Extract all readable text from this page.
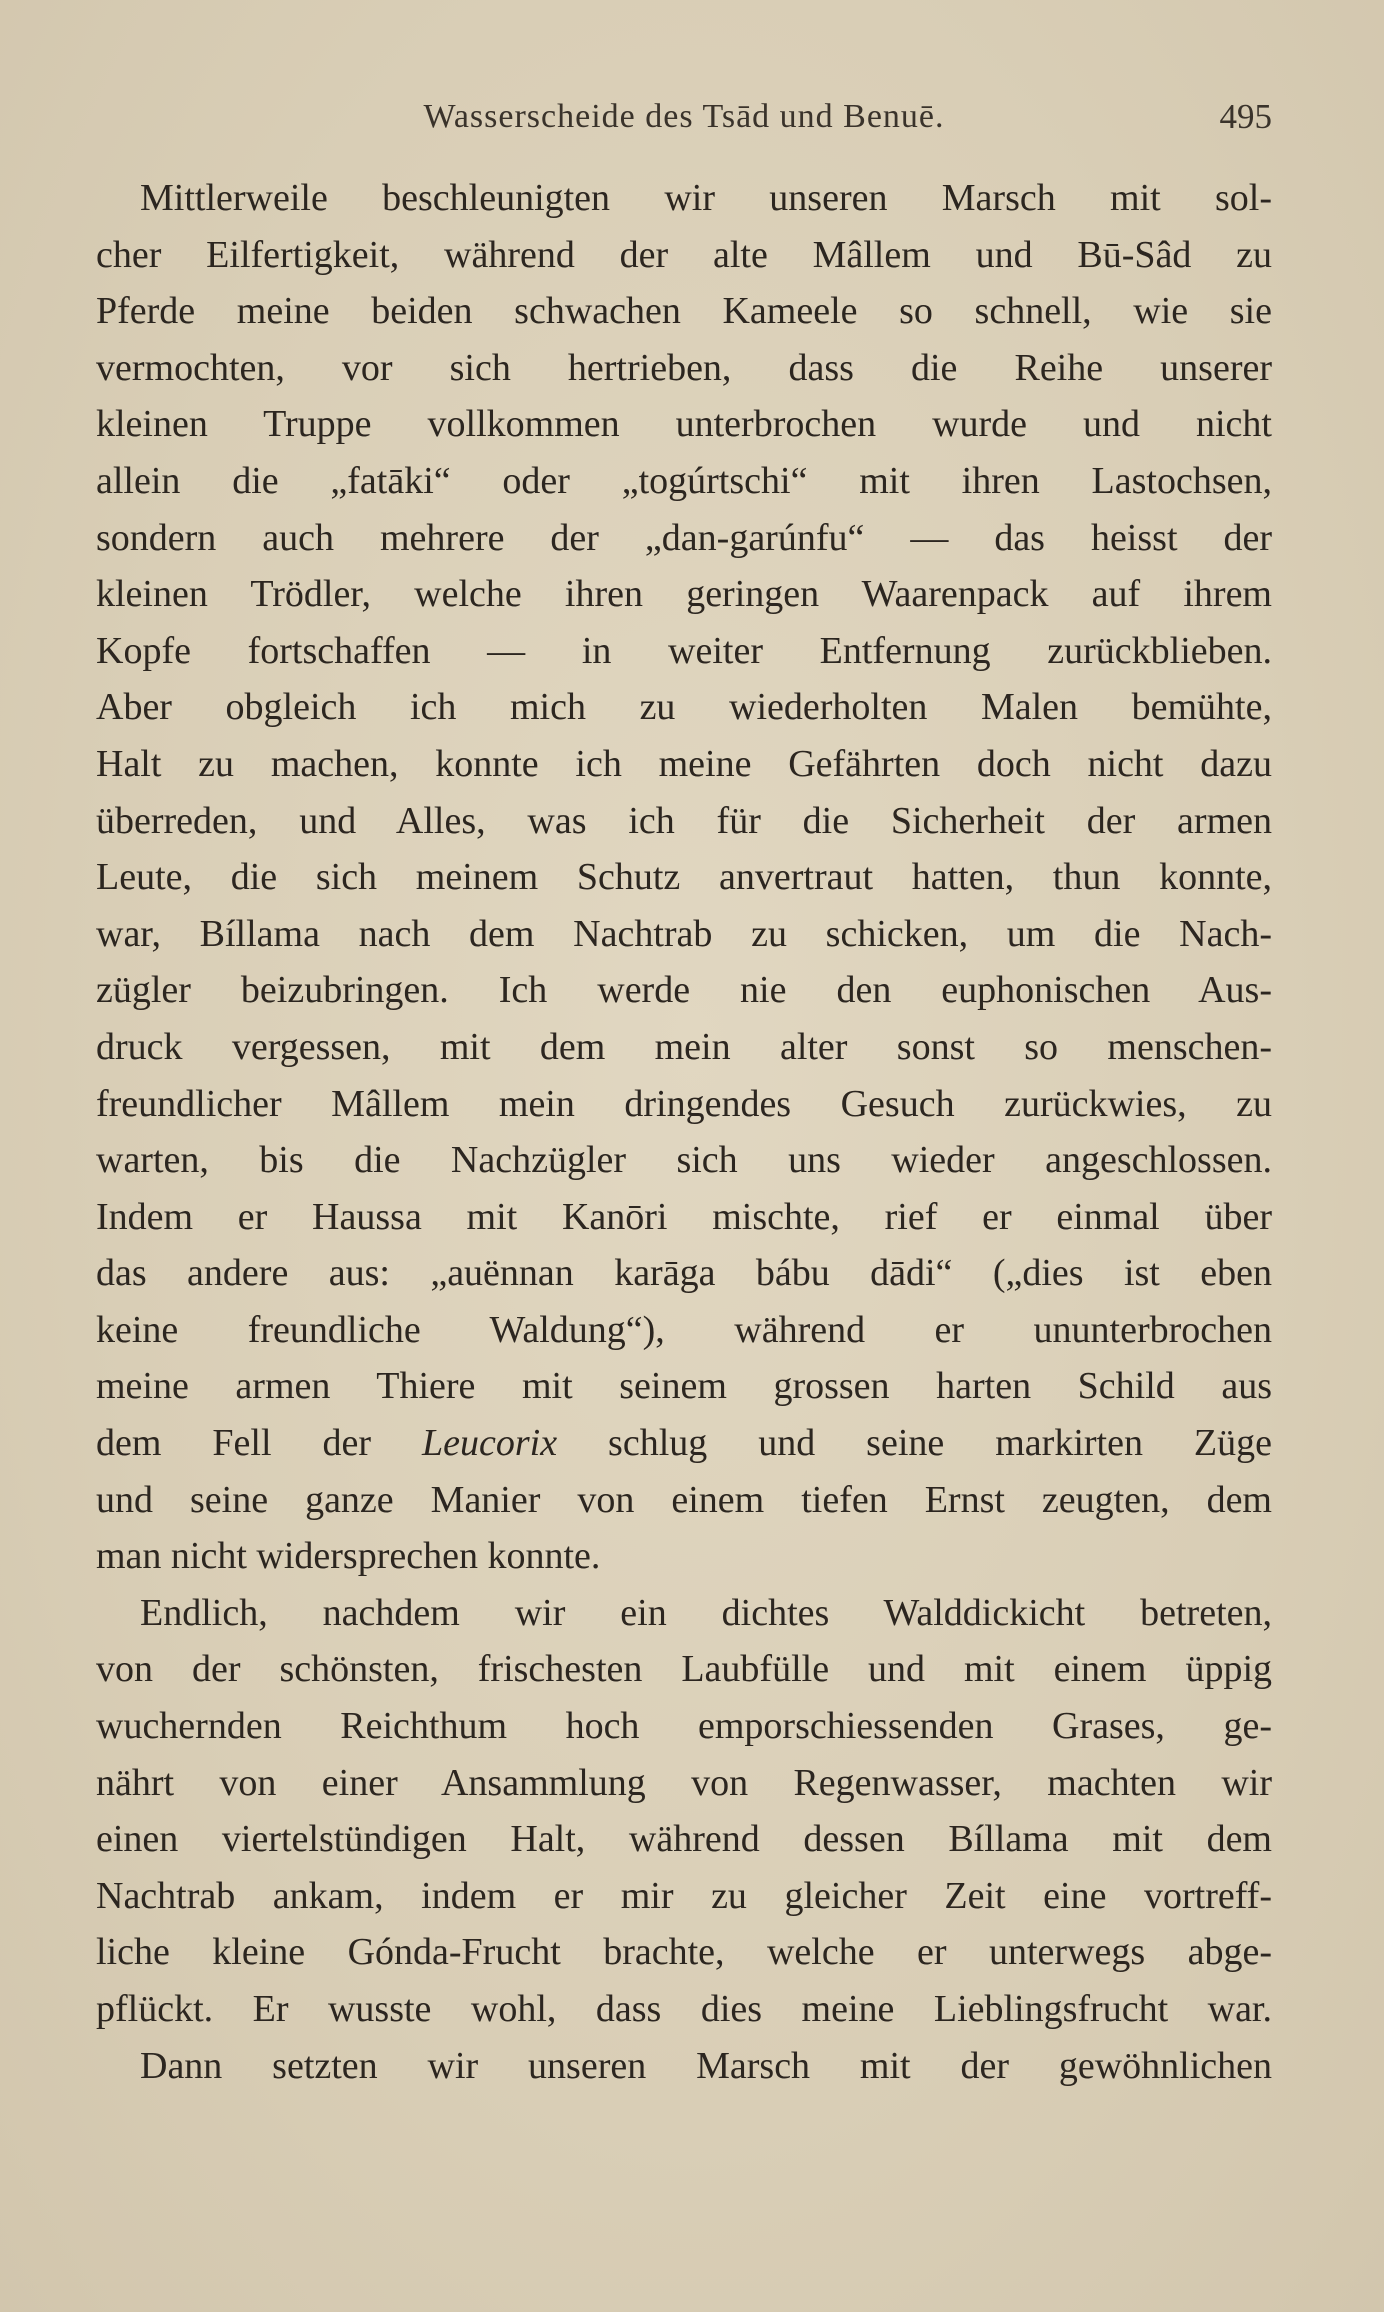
Wasserscheide des Tsād und Benuē.	495
Mittlerweile beschleunigten wir unseren Marsch mit sol-
cher Eilfertigkeit, während der alte Mâllem und Bū-Sâd zu
Pferde meine beiden schwachen Kameele so schnell, wie sie
vermochten, vor sich hertrieben, dass die Reihe unserer
kleinen Truppe vollkommen unterbrochen wurde und nicht
allein die „fatāki“ oder „togúrtschi“ mit ihren Lastochsen,
sondern auch mehrere der „dan-garúnfu“ — das heisst der
kleinen Trödler, welche ihren geringen Waarenpack auf ihrem
Kopfe fortschaffen — in weiter Entfernung zurückblieben.
Aber obgleich ich mich zu wiederholten Malen bemühte,
Halt zu machen, konnte ich meine Gefährten doch nicht dazu
überreden, und Alles, was ich für die Sicherheit der armen
Leute, die sich meinem Schutz anvertraut hatten, thun konnte,
war, Bíllama nach dem Nachtrab zu schicken, um die Nach-
zügler beizubringen. Ich werde nie den euphonischen Aus-
druck vergessen, mit dem mein alter sonst so menschen-
freundlicher Mâllem mein dringendes Gesuch zurückwies, zu
warten, bis die Nachzügler sich uns wieder angeschlossen.
Indem er Haussa mit Kanōri mischte, rief er einmal über
das andere aus: „auënnan karāga bábu dādi“ („dies ist eben
keine freundliche Waldung“), während er ununterbrochen
meine armen Thiere mit seinem grossen harten Schild aus
dem Fell der Leucorix schlug und seine markirten Züge
und seine ganze Manier von einem tiefen Ernst zeugten, dem
man nicht widersprechen konnte.
Endlich, nachdem wir ein dichtes Walddickicht betreten,
von der schönsten, frischesten Laubfülle und mit einem üppig
wuchernden Reichthum hoch emporschiessenden Grases, ge-
nährt von einer Ansammlung von Regenwasser, machten wir
einen viertelstündigen Halt, während dessen Bíllama mit dem
Nachtrab ankam, indem er mir zu gleicher Zeit eine vortreff-
liche kleine Góndа-Frucht brachte, welche er unterwegs abge-
pflückt. Er wusste wohl, dass dies meine Lieblingsfrucht war.
Dann setzten wir unseren Marsch mit der gewöhnlichen
